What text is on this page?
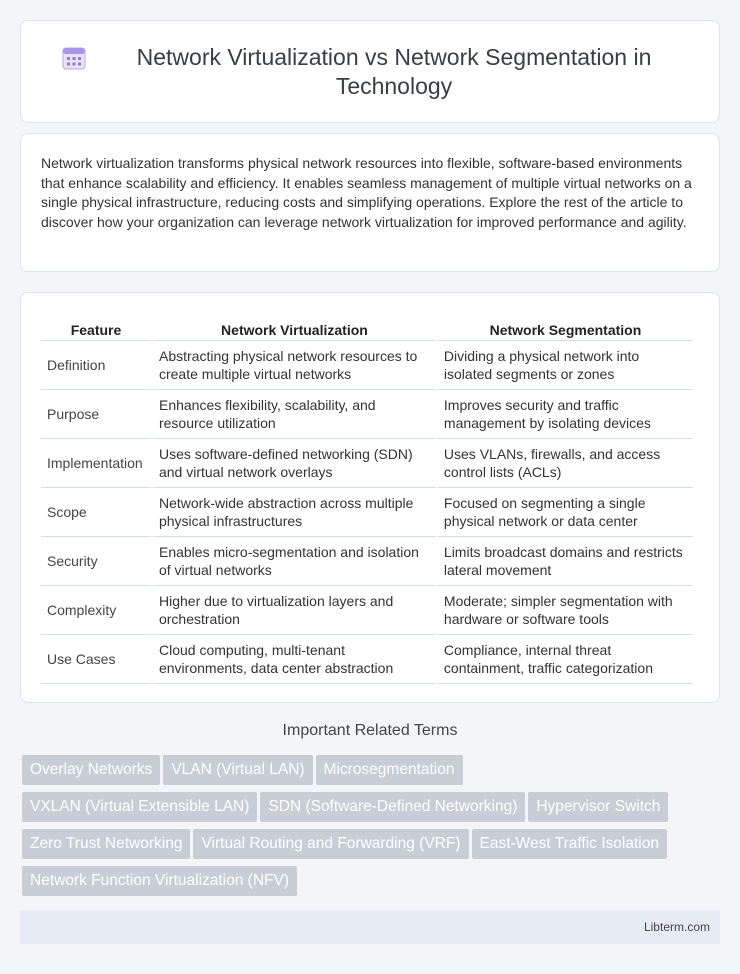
Network Virtualization vs Network Segmentation in Technology

Network virtualization transforms physical network resources into flexible, software-based environments that enhance scalability and efficiency. It enables seamless management of multiple virtual networks on a single physical infrastructure, reducing costs and simplifying operations. Explore the rest of the article to discover how your organization can leverage network virtualization for improved performance and agility.

Feature	Network Virtualization	Network Segmentation
Definition	Abstracting physical network resources to create multiple virtual networks	Dividing a physical network into isolated segments or zones
Purpose	Enhances flexibility, scalability, and resource utilization	Improves security and traffic management by isolating devices
Implementation	Uses software-defined networking (SDN) and virtual network overlays	Uses VLANs, firewalls, and access control lists (ACLs)
Scope	Network-wide abstraction across multiple physical infrastructures	Focused on segmenting a single physical network or data center
Security	Enables micro-segmentation and isolation of virtual networks	Limits broadcast domains and restricts lateral movement
Complexity	Higher due to virtualization layers and orchestration	Moderate; simpler segmentation with hardware or software tools
Use Cases	Cloud computing, multi-tenant environments, data center abstraction	Compliance, internal threat containment, traffic categorization
Important Related Terms
Overlay Networks VLAN (Virtual LAN) Microsegmentation
VXLAN (Virtual Extensible LAN) SDN (Software-Defined Networking) Hypervisor Switch
Zero Trust Networking Virtual Routing and Forwarding (VRF) East-West Traffic Isolation
Network Function Virtualization (NFV)
Libterm.com
